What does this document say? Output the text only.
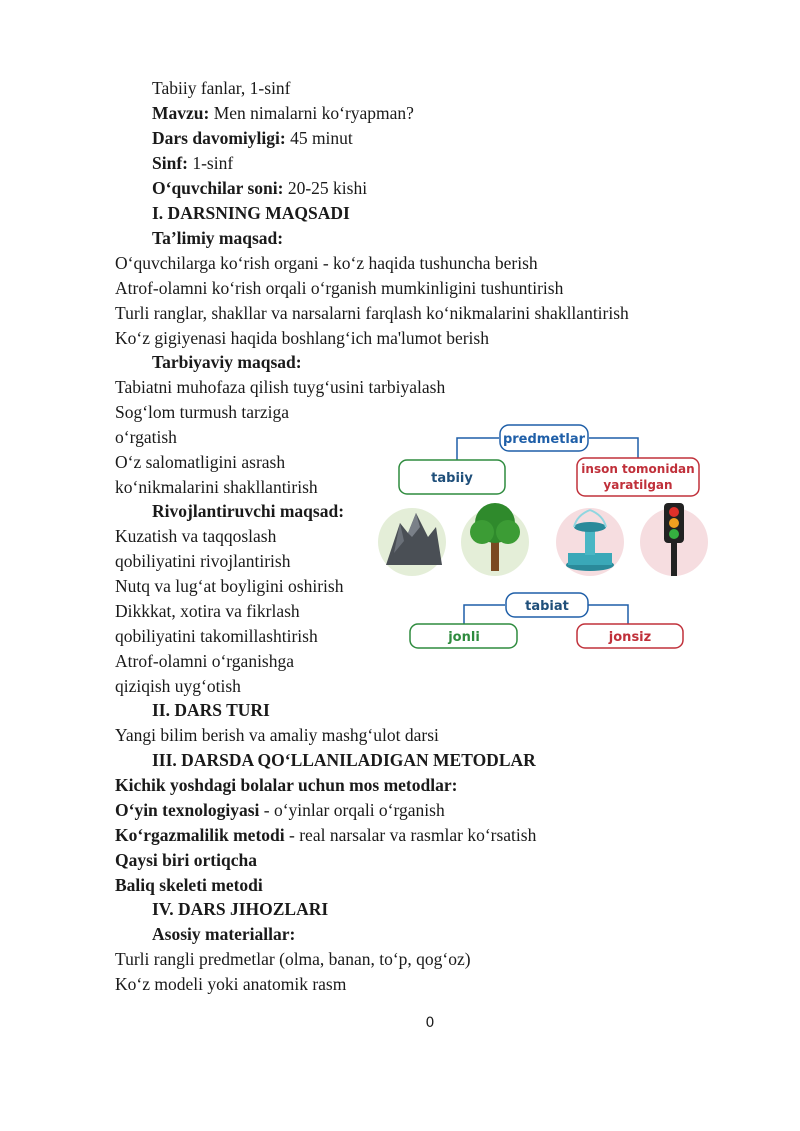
Tabiiy fanlar, 1-sinf
Mavzu: Men nimalarni ko‘ryapman?
Dars davomiyligi: 45 minut
Sinf: 1-sinf
O‘quvchilar soni: 20-25 kishi
I. DARSNING MAQSADI
Ta’limiy maqsad:
O‘quvchilarga ko‘rish organi - ko‘z haqida tushuncha berish
Atrof-olamni ko‘rish orqali o‘rganish mumkinligini tushuntirish
Turli ranglar, shakllar va narsalarni farqlash ko‘nikmalarini shakllantirish
Ko‘z gigiyenasi haqida boshlang‘ich ma'lumot berish
Tarbiyaviy maqsad:
Tabiatni muhofaza qilish tuyg‘usini tarbiyalash
Sog‘lom turmush tarziga
o‘rgatish
O‘z salomatligini asrash
ko‘nikmalarini shakllantirish
Rivojlantiruvchi maqsad:
Kuzatish va taqqoslash
qobiliyatini rivojlantirish
Nutq va lug‘at boyligini oshirish
Dikkkat, xotira va fikrlash
qobiliyatini takomillashtirish
Atrof-olamni o‘rganishga
qiziqish uyg‘otish
II. DARS TURI
Yangi bilim berish va amaliy mashg‘ulot darsi
III. DARSDA QO‘LLANILADIGAN METODLAR
Kichik yoshdagi bolalar uchun mos metodlar:
O‘yin texnologiyasi - o‘yinlar orqali o‘rganish
Ko‘rgazmalilik metodi - real narsalar va rasmlar ko‘rsatish
Qaysi biri ortiqcha
Baliq skeleti metodi
IV. DARS JIHOZLARI
Asosiy materiallar:
Turli rangli predmetlar (olma, banan, to‘p, qog‘oz)
Ko‘z modeli yoki anatomik rasm
0
predmetlar
tabiiy
inson tomonidan
yaratilgan
tabiat
jonli	jonsiz
